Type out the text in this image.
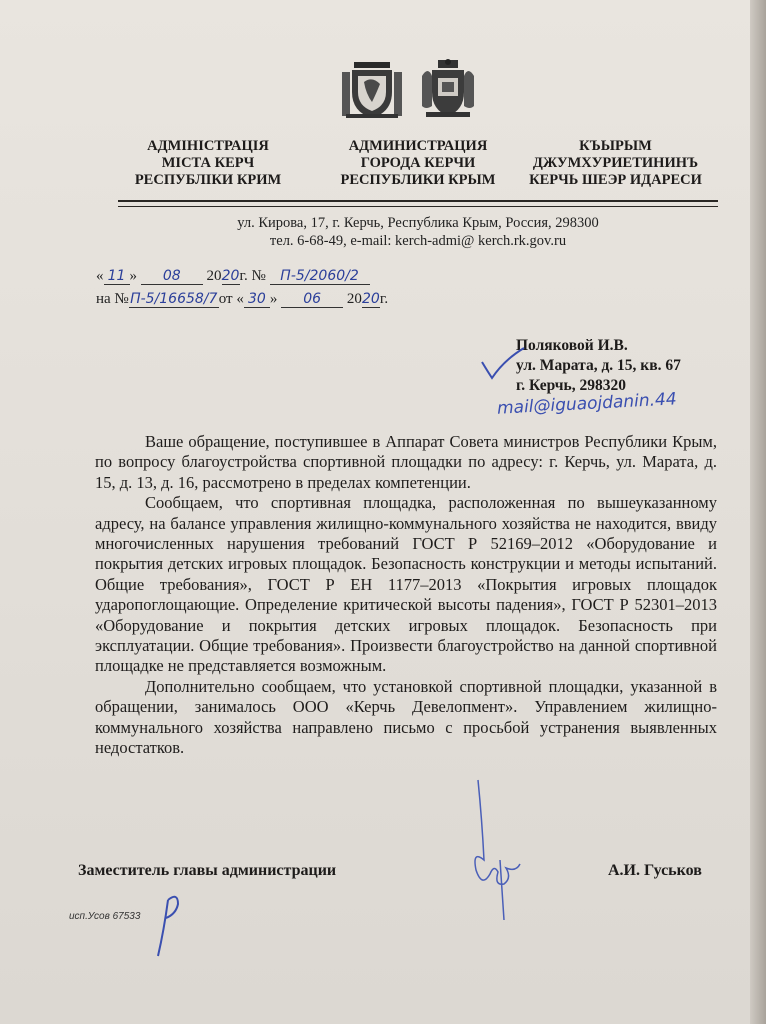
АДМІНІСТРАЦІЯ
МІСТА КЕРЧ
РЕСПУБЛІКИ КРИМ
АДМИНИСТРАЦИЯ
ГОРОДА КЕРЧИ
РЕСПУБЛИКИ КРЫМ
КЪЫРЫМ
ДЖУМХУРИЕТИНИНЪ
КЕРЧЬ ШЕЭР ИДАРЕСИ
ул. Кирова, 17, г. Керчь, Республика Крым, Россия, 298300
тел. 6-68-49, e-mail: kerch-admi@ kerch.rk.gov.ru
« 11 » 08 2020г. № П-5/2060/2
на №П-5/16658/7от « 30 » 06 2020г.
Поляковой И.В.
ул. Марата, д. 15, кв. 67
г. Керчь, 298320
mail@iguaojdanin.44

Ваше обращение, поступившее в Аппарат Совета министров Республики Крым, по вопросу благоустройства спортивной площадки по адресу: г. Керчь, ул. Марата, д. 15, д. 13, д. 16, рассмотрено в пределах компетенции.

Сообщаем, что спортивная площадка, расположенная по вышеуказанному адресу, на балансе управления жилищно-коммунального хозяйства не находится, ввиду многочисленных нарушения требований ГОСТ Р 52169–2012 «Оборудование и покрытия детских игровых площадок. Безопасность конструкции и методы испытаний. Общие требования», ГОСТ Р ЕН 1177–2013 «Покрытия игровых площадок ударопоглощающие. Определение критической высоты падения», ГОСТ Р 52301–2013 «Оборудование и покрытия детских игровых площадок. Безопасность при эксплуатации. Общие требования». Произвести благоустройство на данной спортивной площадке не представляется возможным.

Дополнительно сообщаем, что установкой спортивной площадки, указанной в обращении, занималось ООО «Керчь Девелопмент». Управлением жилищно-коммунального хозяйства направлено письмо с просьбой устранения выявленных недостатков.

Заместитель главы администрации	А.И. Гуськов
исп.Усов 67533
